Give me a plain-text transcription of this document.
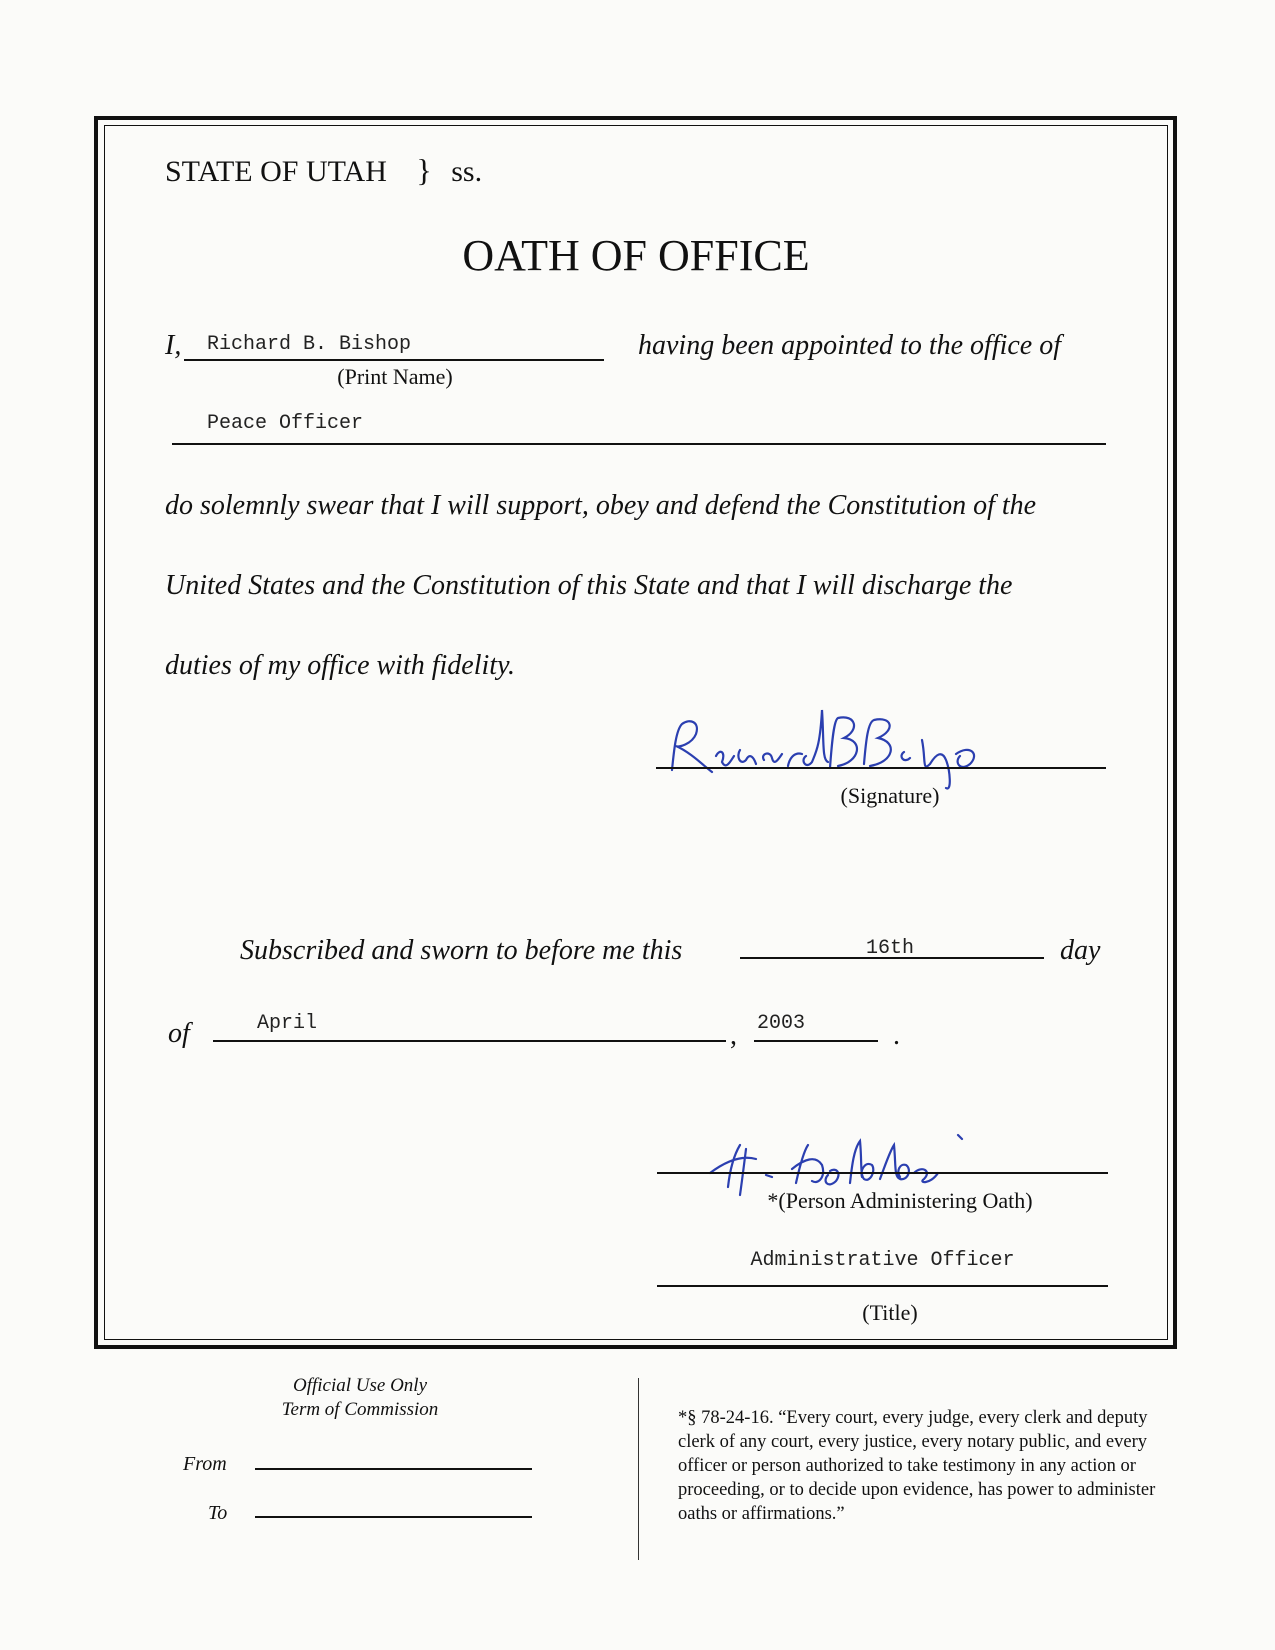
STATE OF UTAH } ss.
OATH OF OFFICE
I, Richard B. Bishop
(Print Name)
having been appointed to the office of
Peace Officer
do solemnly swear that I will support, obey and defend the Constitution of the
United States and the Constitution of this State and that I will discharge the
duties of my office with fidelity.
(Signature)
Subscribed and sworn to before me this	16th	day
of	April	, 2003	.
*(Person Administering Oath)
Administrative Officer
(Title)
Official Use Only
Term of Commission
From
To
*§ 78-24-16. “Every court, every judge, every clerk and deputy clerk of any court, every justice, every notary public, and every officer or person authorized to take testimony in any action or proceeding, or to decide upon evidence, has power to administer oaths or affirmations.”
